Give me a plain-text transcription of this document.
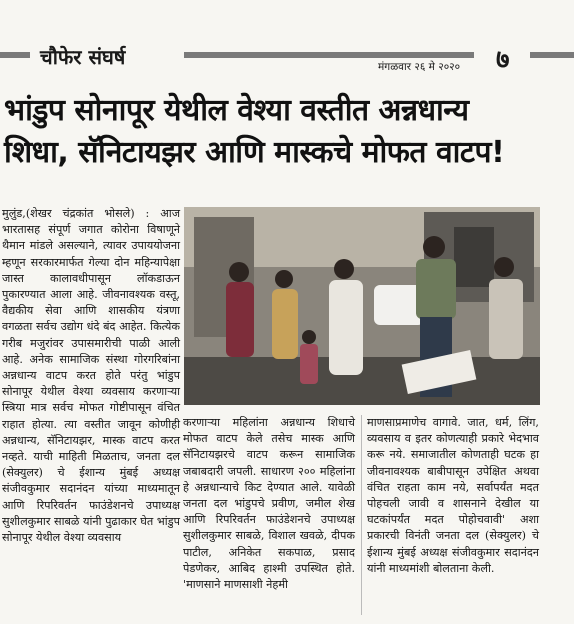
चौफेर संघर्ष	मंगळवार २६ मे २०२० ७
भांडुप सोनापूर येथील वेश्या वस्तीत अन्नधान्य
शिधा, सॅनिटायझर आणि मास्कचे मोफत वाटप!
मुलुंड,(शेखर चंद्रकांत भोसले) : आज भारतासह संपूर्ण जगात कोरोना विषाणूने थैमान मांडले असल्याने, त्यावर उपाययोजना म्हणून सरकारमार्फत गेल्या दोन महिन्यापेक्षा जास्त कालावधीपासून लॉकडाऊन पुकारण्यात आला आहे. जीवनावश्यक वस्तू, वैद्यकीय सेवा आणि शासकीय यंत्रणा वगळता सर्वच उद्योग धंदे बंद आहेत. कित्येक गरीब मजुरांवर उपासमारीची पाळी आली आहे. अनेक सामाजिक संस्था गोरगरिबांना अन्नधान्य वाटप करत होते परंतु भांडुप सोनापूर येथील वेश्या व्यवसाय करणाऱ्या स्त्रिया मात्र सर्वच मोफत गोष्टीपासून वंचित राहात होत्या. त्या वस्तीत जावून कोणीही अन्नधान्य, सॅनिटायझर, मास्क वाटप करत नव्हते. याची माहिती मिळताच, जनता दल (सेक्युलर) चे ईशान्य मुंबई अध्यक्ष संजीवकुमार सदानंदन यांच्या माध्यमातून आणि रिपरिवर्तन फाउंडेशनचे उपाध्यक्ष सुशीलकुमार साबळे यांनी पुढाकार घेत भांडुप सोनापूर येथील वेश्या व्यवसाय
करणाऱ्या महिलांना अन्नधान्य शिधाचे मोफत वाटप केले तसेच मास्क आणि सॅनिटायझरचे वाटप करून सामाजिक जबाबदारी जपली. साधारण २०० महिलांना हे अन्नधान्याचे किट देण्यात आले. यावेळी जनता दल भांडुपचे प्रवीण, जमील शेख आणि रिपरिवर्तन फाउंडेशनचे उपाध्यक्ष सुशीलकुमार साबळे, विशाल खवळे, दीपक पाटील, अनिकेत सकपाळ, प्रसाद पेडणेकर, आबिद हाश्मी उपस्थित होते. 'माणसाने माणसाशी नेहमी
माणसाप्रमाणेच वागावे. जात, धर्म, लिंग, व्यवसाय व इतर कोणत्याही प्रकारे भेदभाव करू नये. समाजातील कोणताही घटक हा जीवनावश्यक बाबीपासून उपेक्षित अथवा वंचित राहता काम नये, सर्वापर्यंत मदत पोहचली जावी व शासनाने देखील या घटकांपर्यंत मदत पोहोचवावी' अशा प्रकारची विनंती जनता दल (सेक्युलर) चे ईशान्य मुंबई अध्यक्ष संजीवकुमार सदानंदन यांनी माध्यमांशी बोलताना केली.
